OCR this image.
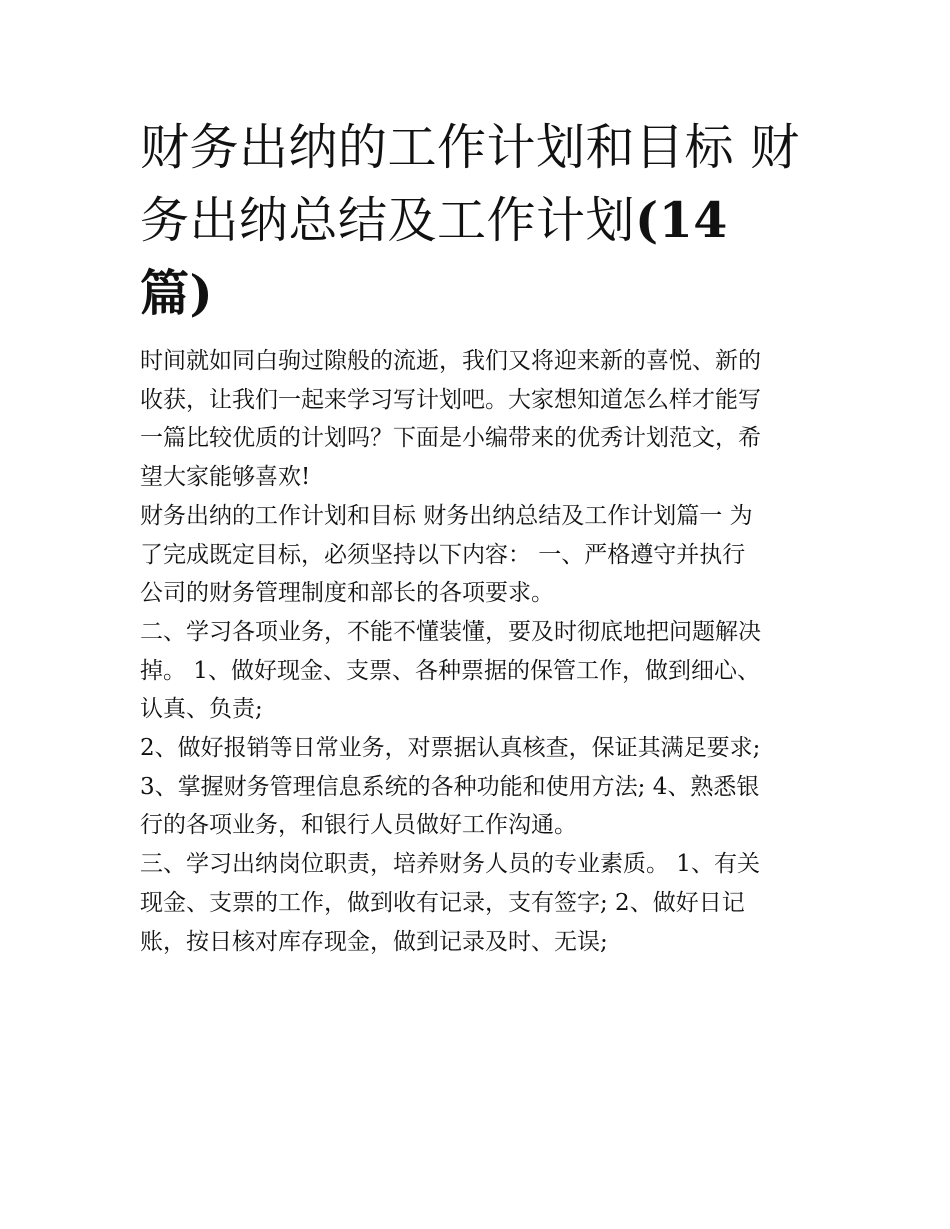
财务出纳的工作计划和目标 财务出纳总结及工作计划(14 篇)

时间就如同白驹过隙般的流逝，我们又将迎来新的喜悦、新的
收获，让我们一起来学习写计划吧。大家想知道怎么样才能写
一篇比较优质的计划吗？下面是小编带来的优秀计划范文，希
望大家能够喜欢!

财务出纳的工作计划和目标 财务出纳总结及工作计划篇一 为
了完成既定目标，必须坚持以下内容： 一、严格遵守并执行
公司的财务管理制度和部长的各项要求。

二、学习各项业务，不能不懂装懂，要及时彻底地把问题解决
掉。 1、做好现金、支票、各种票据的保管工作，做到细心、
认真、负责;

2、做好报销等日常业务，对票据认真核查，保证其满足要求;

3、掌握财务管理信息系统的各种功能和使用方法; 4、熟悉银
行的各项业务，和银行人员做好工作沟通。

三、学习出纳岗位职责，培养财务人员的专业素质。 1、有关
现金、支票的工作，做到收有记录，支有签字; 2、做好日记
账，按日核对库存现金，做到记录及时、无误;
